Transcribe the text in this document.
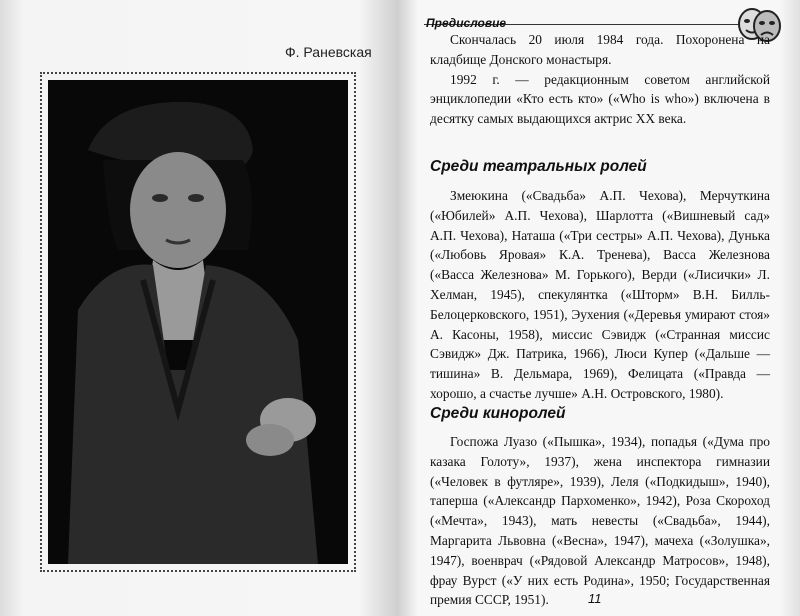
Ф. Раневская
Предисловие

Скончалась 20 июля 1984 года. Похоронена на кладбище Донского монастыря.

1992 г. — редакционным советом английской энциклопедии «Кто есть кто» («Who is who») включена в десятку самых выдающихся актрис XX века.

Среди театральных ролей

Змеюкина («Свадьба» А.П. Чехова), Мерчуткина («Юбилей» А.П. Чехова), Шарлотта («Вишневый сад» А.П. Чехова), Наташа («Три сестры» А.П. Чехова), Дунька («Любовь Яровая» К.А. Тренева), Васса Железнова («Васса Железнова» М. Горького), Верди («Лисички» Л. Хелман, 1945), спекулянтка («Шторм» В.Н. Билль-Белоцерковского, 1951), Эухения («Деревья умирают стоя» А. Касоны, 1958), миссис Сэвидж («Странная миссис Сэвидж» Дж. Патрика, 1966), Люси Купер («Дальше — тишина» В. Дельмара, 1969), Фелицата («Правда — хорошо, а счастье лучше» А.Н. Островского, 1980).

Среди кинoролей

Госпожа Луазо («Пышка», 1934), попадья («Дума про казака Голоту», 1937), жена инспектора гимназии («Человек в футляре», 1939), Леля («Подкидыш», 1940), таперша («Александр Пархоменко», 1942), Роза Скороход («Мечта», 1943), мать невесты («Свадьба», 1944), Маргарита Львовна («Весна», 1947), мачеха («Золушка», 1947), военврач («Рядовой Александр Матросов», 1948), фрау Вурст («У них есть Родина», 1950; Государственная премия СССР, 1951).	11
